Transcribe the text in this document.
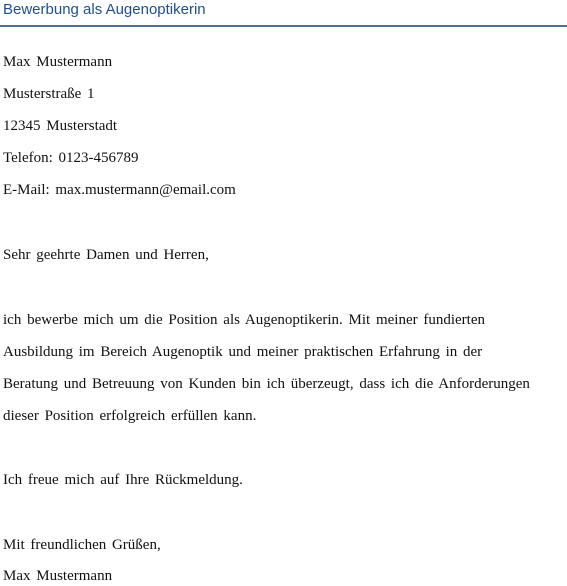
Bewerbung als Augenoptikerin
Max Mustermann
Musterstraße 1
12345 Musterstadt
Telefon: 0123-456789
E-Mail: max.mustermann@email.com
Sehr geehrte Damen und Herren,
ich bewerbe mich um die Position als Augenoptikerin. Mit meiner fundierten
Ausbildung im Bereich Augenoptik und meiner praktischen Erfahrung in der
Beratung und Betreuung von Kunden bin ich überzeugt, dass ich die Anforderungen
dieser Position erfolgreich erfüllen kann.
Ich freue mich auf Ihre Rückmeldung.
Mit freundlichen Grüßen,
Max Mustermann
